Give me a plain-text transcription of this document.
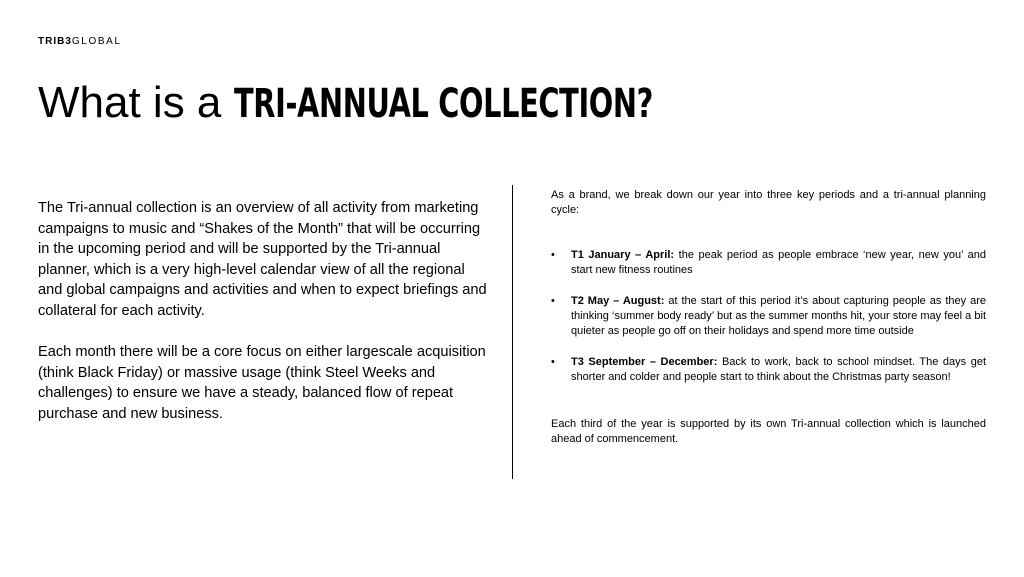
TRIB3GLOBAL
What is a TRI-ANNUAL COLLECTION?

The Tri-annual collection is an overview of all activity from marketing campaigns to music and “Shakes of the Month” that will be occurring in the upcoming period and will be supported by the Tri-annual planner, which is a very high-level calendar view of all the regional and global campaigns and activities and when to expect briefings and collateral for each activity.

Each month there will be a core focus on either largescale acquisition (think Black Friday) or massive usage (think Steel Weeks and challenges) to ensure we have a steady, balanced flow of repeat purchase and new business.

As a brand, we break down our year into three key periods and a tri-annual planning cycle:

• T1 January – April: the peak period as people embrace ‘new year, new you’ and start new fitness routines
• T2 May – August: at the start of this period it’s about capturing people as they are thinking ‘summer body ready’ but as the summer months hit, your store may feel a bit quieter as people go off on their holidays and spend more time outside
• T3 September – December: Back to work, back to school mindset. The days get shorter and colder and people start to think about the Christmas party season!

Each third of the year is supported by its own Tri-annual collection which is launched ahead of commencement.
